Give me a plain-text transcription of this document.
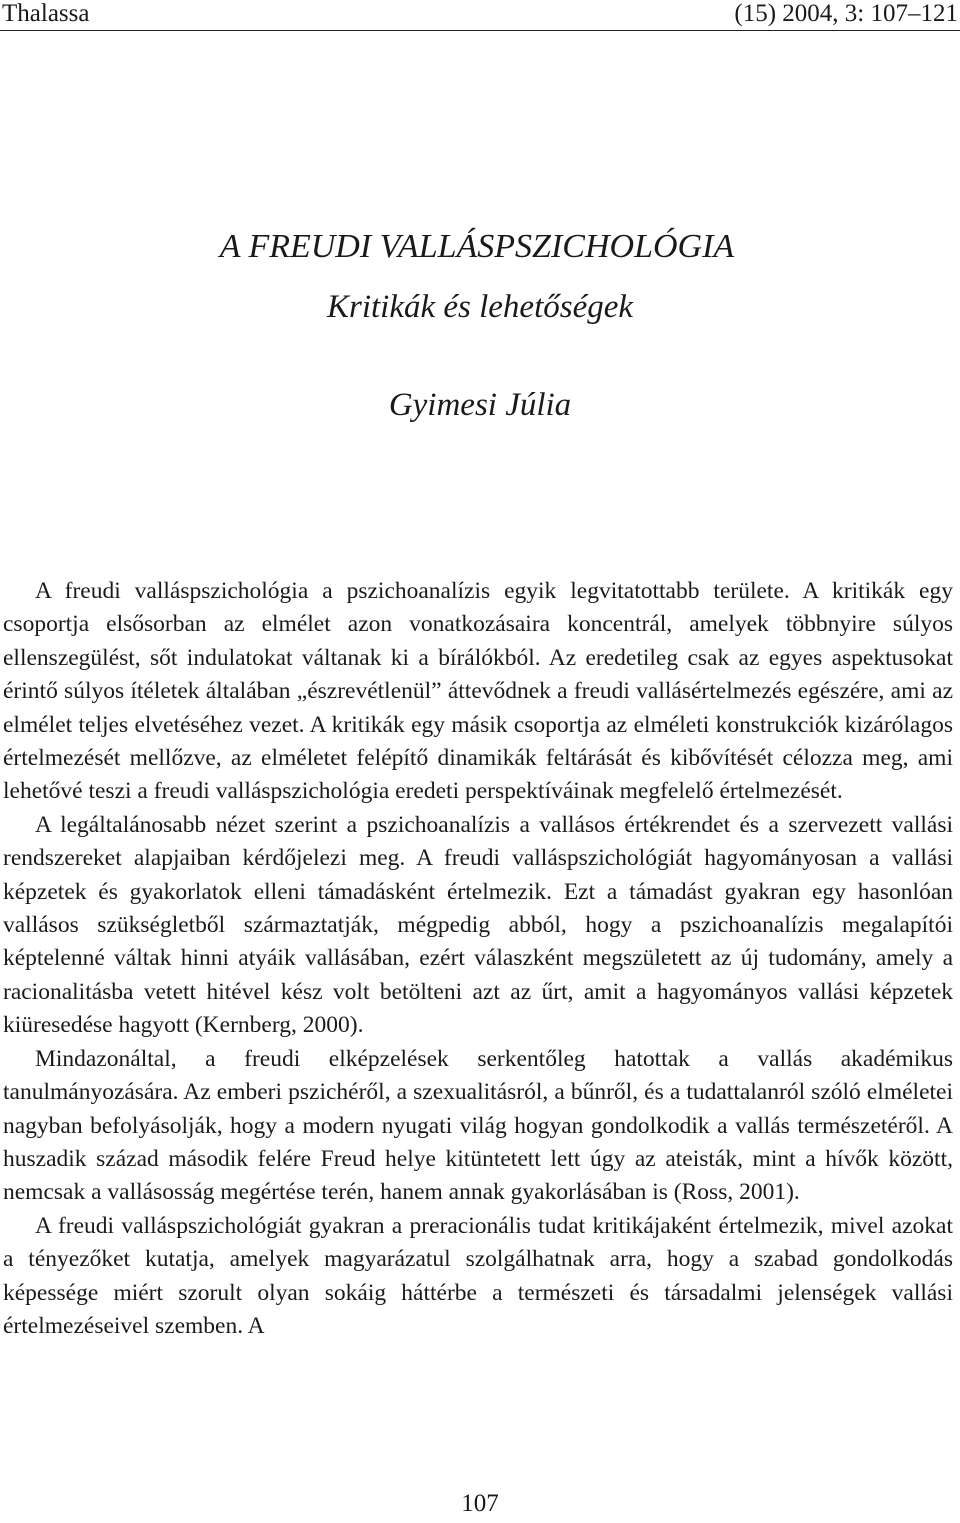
Thalassa	(15) 2004, 3: 107–121
A FREUDI VALLÁSPSZICHOLÓGIA
Kritikák és lehetőségek
Gyimesi Júlia

A freudi valláspszichológia a pszichoanalízis egyik legvitatottabb területe. A kritikák egy csoportja elsősorban az elmélet azon vonatkozásaira koncentrál, amelyek többnyire súlyos ellenszegülést, sőt indulatokat váltanak ki a bírálókból. Az eredetileg csak az egyes aspektusokat érintő súlyos ítéletek általában „észrevétlenül” áttevődnek a freudi vallásértelmezés egészére, ami az elmélet teljes elvetéséhez vezet. A kritikák egy másik csoportja az elméleti konstrukciók kizárólagos értelmezését mellőzve, az elméletet felépítő dinamikák feltárását és kibővítését célozza meg, ami lehetővé teszi a freudi valláspszichológia eredeti perspektíváinak megfelelő értelmezését.

A legáltalánosabb nézet szerint a pszichoanalízis a vallásos értékrendet és a szervezett vallási rendszereket alapjaiban kérdőjelezi meg. A freudi valláspszichológiát hagyományosan a vallási képzetek és gyakorlatok elleni támadásként értelmezik. Ezt a támadást gyakran egy hasonlóan vallásos szükségletből származtatják, mégpedig abból, hogy a pszichoanalízis megalapítói képtelenné váltak hinni atyáik vallásában, ezért válaszként megszületett az új tudomány, amely a racionalitásba vetett hitével kész volt betölteni azt az űrt, amit a hagyományos vallási képzetek kiüresedése hagyott (Kernberg, 2000).

Mindazonáltal, a freudi elképzelések serkentőleg hatottak a vallás akadémikus tanulmányozására. Az emberi pszichéről, a szexualitásról, a bűnről, és a tudattalanról szóló elméletei nagyban befolyásolják, hogy a modern nyugati világ hogyan gondolkodik a vallás természetéről. A huszadik század második felére Freud helye kitüntetett lett úgy az ateisták, mint a hívők között, nemcsak a vallásosság megértése terén, hanem annak gyakorlásában is (Ross, 2001).

A freudi valláspszichológiát gyakran a preracionális tudat kritikájaként értelmezik, mivel azokat a tényezőket kutatja, amelyek magyarázatul szolgálhatnak arra, hogy a szabad gondolkodás képessége miért szorult olyan sokáig háttérbe a természeti és társadalmi jelenségek vallási értelmezéseivel szemben. A

107
